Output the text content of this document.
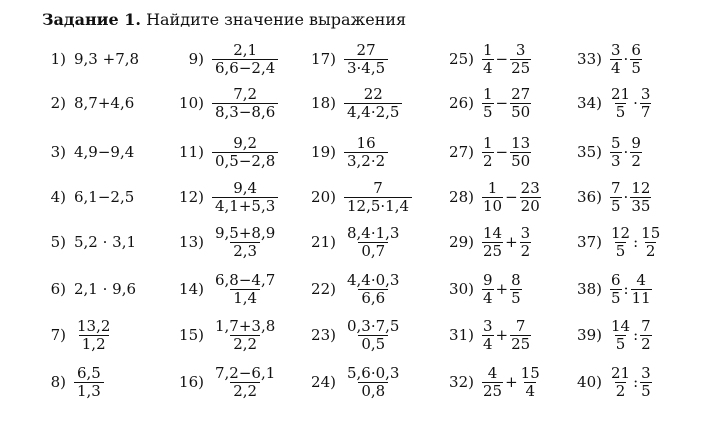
Задание 1. Найдите значение выражения
1) 9,3 +7,8
2) 8,7+4,6
3) 4,9−9,4
4) 6,1−2,5
5) 5,2 · 3,1
6) 2,1 · 9,6
$7) \frac{13,2}{1,2}$
$8) \frac{6,5}{1,3}$
$9) \frac{2,1}{6,6-2,4}$
$10) \frac{7,2}{8,3-8,6}$
$11) \frac{9,2}{0,5-2,8}$
$12) \frac{9,4}{4,1+5,3}$
$13) \frac{9,5+8,9}{2,3}$
$14) \frac{6,8-4,7}{1,4}$
$15) \frac{1,7+3,8}{2,2}$
$16) \frac{7,2-6,1}{2,2}$
$17) \frac{27}{3\cdot 4,5}$
$18) \frac{22}{4,4\cdot 2,5}$
$19) \frac{16}{3,2\cdot 2}$
$20) \frac{7}{12,5\cdot 1,4}$
$21) \frac{8,4\cdot 1,3}{0,7}$
$22) \frac{4,4\cdot 0,3}{6,6}$
$23) \frac{0,3\cdot 7,5}{0,5}$
$24) \frac{5,6\cdot 0,3}{0,8}$
$25) \frac{1}{4} - \frac{3}{25}$
$26) \frac{1}{5} - \frac{27}{50}$
$27) \frac{1}{2} - \frac{13}{50}$
$28) \frac{1}{10} - \frac{23}{20}$
$29) \frac{14}{25} + \frac{3}{2}$
$30) \frac{9}{4} + \frac{8}{5}$
$31) \frac{3}{4} + \frac{7}{25}$
$32) \frac{4}{25} + \frac{15}{4}$
$33) \frac{3}{4} \cdot \frac{6}{5}$
$34) \frac{21}{5} \cdot \frac{3}{7}$
$35) \frac{5}{3} \cdot \frac{9}{2}$
$36) \frac{7}{5} \cdot \frac{12}{35}$
$37) \frac{12}{5}$ : $\frac{15}{2}$
$38) \frac{6}{5}$ : $\frac{4}{11}$
$39) \frac{14}{5}$ : $\frac{7}{2}$
$40) \frac{21}{2}$ : $\frac{3}{5}$
